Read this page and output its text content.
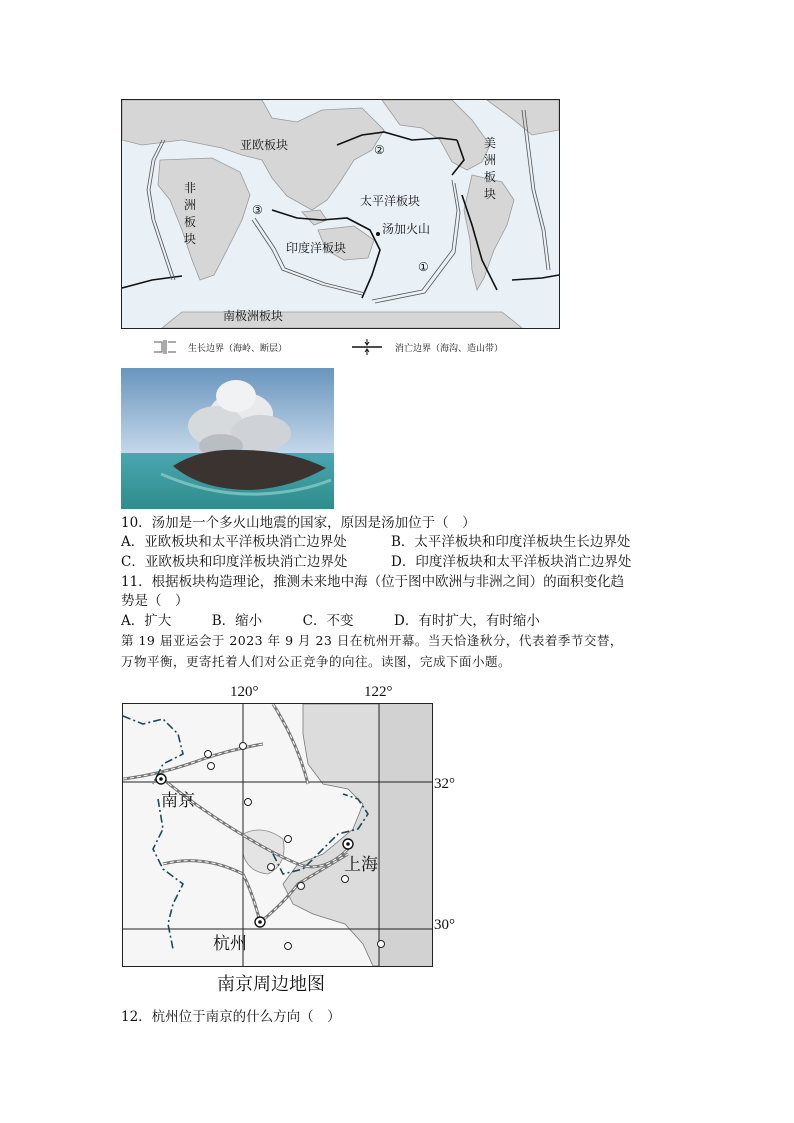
亚欧板块
非洲板块
美洲板块
太平洋板块
印度洋板块
南极洲板块
汤加火山
①
②
③
生长边界（海岭、断层）	消亡边界（海沟、造山带）
10．汤加是一个多火山地震的国家，原因是汤加位于（　）
A．亚欧板块和太平洋板块消亡边界处	B．太平洋板块和印度洋板块生长边界处
C．亚欧板块和印度洋板块消亡边界处	D．印度洋板块和太平洋板块消亡边界处
11．根据板块构造理论，推测未来地中海（位于图中欧洲与非洲之间）的面积变化趋
势是（　）
A．扩大　　　B．缩小　　　C．不变　　　D．有时扩大，有时缩小
第 19 届亚运会于 2023 年 9 月 23 日在杭州开幕。当天恰逢秋分，代表着季节交替，
万物平衡，更寄托着人们对公正竞争的向往。读图，完成下面小题。
120°	122°
32°
30°
南京
上海
杭州
南京周边地图
12．杭州位于南京的什么方向（　）
